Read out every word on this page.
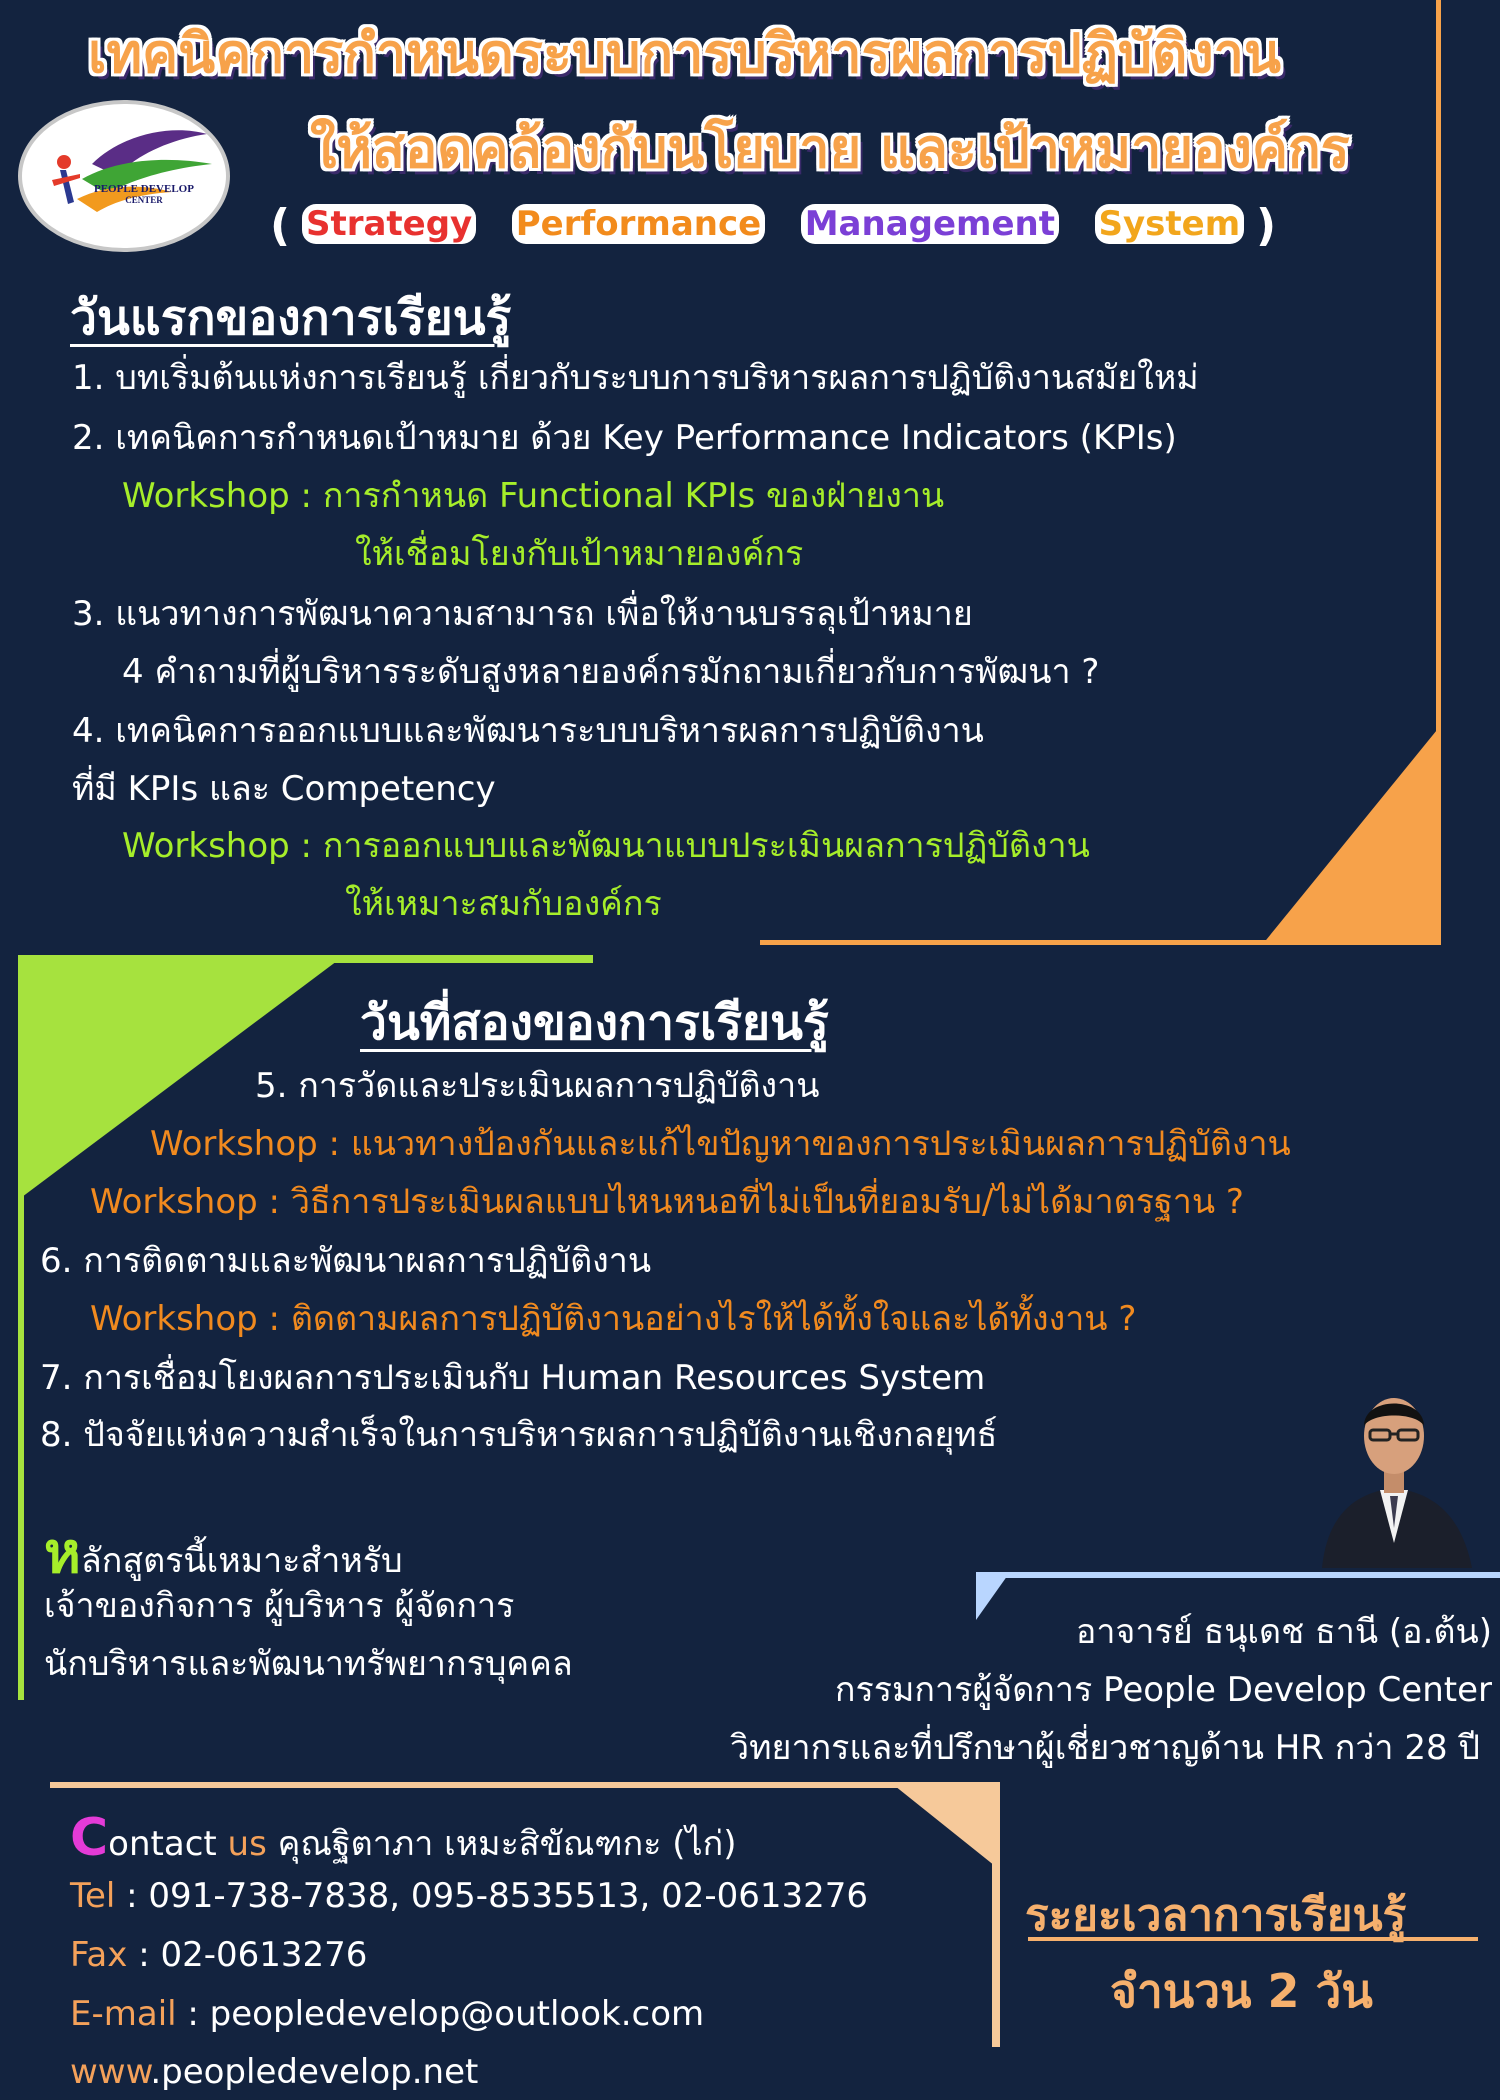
PEOPLE DEVELOP
CENTER
เทคนิคการกำหนดระบบการบริหารผลการปฏิบัติงาน
ให้สอดคล้องกับนโยบาย และเป้าหมายองค์กร
( Strategy Performance Management System )
วันแรกของการเรียนรู้
1. บทเริ่มต้นแห่งการเรียนรู้ เกี่ยวกับระบบการบริหารผลการปฏิบัติงานสมัยใหม่
2. เทคนิคการกำหนดเป้าหมาย ด้วย Key Performance Indicators (KPIs)
Workshop : การกำหนด Functional KPIs ของฝ่ายงาน
ให้เชื่อมโยงกับเป้าหมายองค์กร
3. แนวทางการพัฒนาความสามารถ เพื่อให้งานบรรลุเป้าหมาย
4 คำถามที่ผู้บริหารระดับสูงหลายองค์กรมักถามเกี่ยวกับการพัฒนา ?
4. เทคนิคการออกแบบและพัฒนาระบบบริหารผลการปฏิบัติงาน
ที่มี KPIs และ Competency
Workshop : การออกแบบและพัฒนาแบบประเมินผลการปฏิบัติงาน
ให้เหมาะสมกับองค์กร
วันที่สองของการเรียนรู้
5. การวัดและประเมินผลการปฏิบัติงาน
Workshop : แนวทางป้องกันและแก้ไขปัญหาของการประเมินผลการปฏิบัติงาน
Workshop : วิธีการประเมินผลแบบไหนหนอที่ไม่เป็นที่ยอมรับ/ไม่ได้มาตรฐาน ?
6. การติดตามและพัฒนาผลการปฏิบัติงาน
Workshop : ติดตามผลการปฏิบัติงานอย่างไรให้ได้ทั้งใจและได้ทั้งงาน ?
7. การเชื่อมโยงผลการประเมินกับ Human Resources System
8. ปัจจัยแห่งความสำเร็จในการบริหารผลการปฏิบัติงานเชิงกลยุทธ์
หลักสูตรนี้เหมาะสำหรับ
เจ้าของกิจการ ผู้บริหาร ผู้จัดการ
นักบริหารและพัฒนาทรัพยากรบุคคล
อาจารย์ ธนุเดช ธานี (อ.ต้น)
กรรมการผู้จัดการ People Develop Center
วิทยากรและที่ปรึกษาผู้เชี่ยวชาญด้าน HR กว่า 28 ปี
Contact us คุณฐิตาภา เหมะสิขัณฑกะ (ไก่)
Tel : 091-738-7838, 095-8535513, 02-0613276
Fax : 02-0613276
E-mail : peopledevelop@outlook.com
www.peopledevelop.net
ระยะเวลาการเรียนรู้
จำนวน 2 วัน
